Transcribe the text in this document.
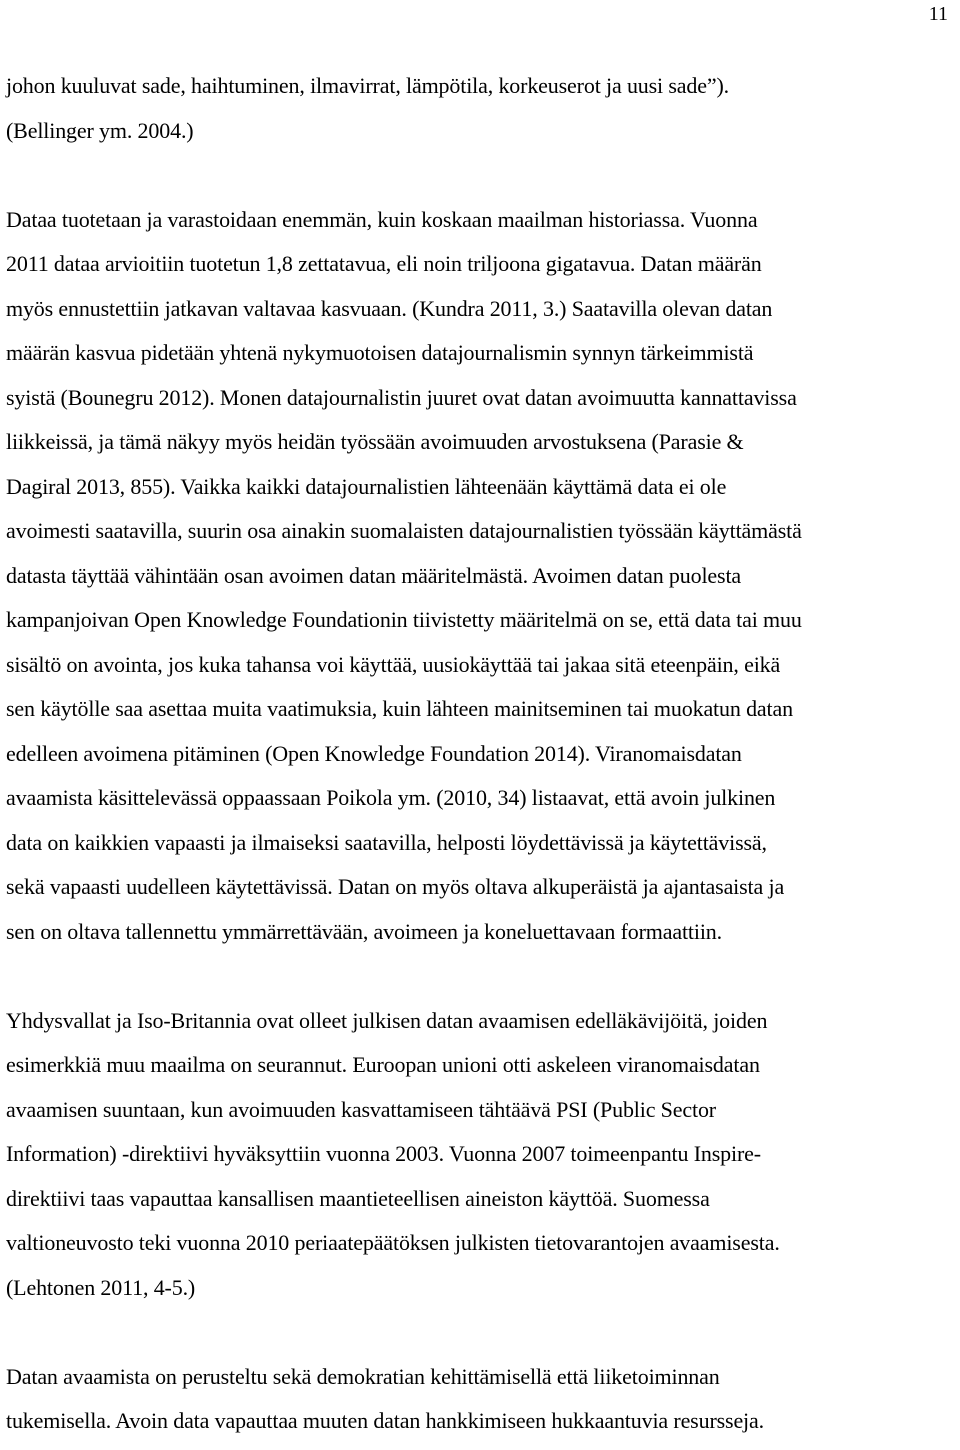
11

johon kuuluvat sade, haihtuminen, ilmavirrat, lämpötila, korkeuserot ja uusi sade”).
(Bellinger ym. 2004.)

Dataa tuotetaan ja varastoidaan enemmän, kuin koskaan maailman historiassa. Vuonna
2011 dataa arvioitiin tuotetun 1,8 zettatavua, eli noin triljoona gigatavua. Datan määrän
myös ennustettiin jatkavan valtavaa kasvuaan. (Kundra 2011, 3.) Saatavilla olevan datan
määrän kasvua pidetään yhtenä nykymuotoisen datajournalismin synnyn tärkeimmistä
syistä (Bounegru 2012). Monen datajournalistin juuret ovat datan avoimuutta kannattavissa
liikkeissä, ja tämä näkyy myös heidän työssään avoimuuden arvostuksena (Parasie &
Dagiral 2013, 855). Vaikka kaikki datajournalistien lähteenään käyttämä data ei ole
avoimesti saatavilla, suurin osa ainakin suomalaisten datajournalistien työssään käyttämästä
datasta täyttää vähintään osan avoimen datan määritelmästä. Avoimen datan puolesta
kampanjoivan Open Knowledge Foundationin tiivistetty määritelmä on se, että data tai muu
sisältö on avointa, jos kuka tahansa voi käyttää, uusiokäyttää tai jakaa sitä eteenpäin, eikä
sen käytölle saa asettaa muita vaatimuksia, kuin lähteen mainitseminen tai muokatun datan
edelleen avoimena pitäminen (Open Knowledge Foundation 2014). Viranomaisdatan
avaamista käsittelevässä oppaassaan Poikola ym. (2010, 34) listaavat, että avoin julkinen
data on kaikkien vapaasti ja ilmaiseksi saatavilla, helposti löydettävissä ja käytettävissä,
sekä vapaasti uudelleen käytettävissä. Datan on myös oltava alkuperäistä ja ajantasaista ja
sen on oltava tallennettu ymmärrettävään, avoimeen ja koneluettavaan formaattiin.

Yhdysvallat ja Iso-Britannia ovat olleet julkisen datan avaamisen edelläkävijöitä, joiden
esimerkkiä muu maailma on seurannut. Euroopan unioni otti askeleen viranomaisdatan
avaamisen suuntaan, kun avoimuuden kasvattamiseen tähtäävä PSI (Public Sector
Information) -direktiivi hyväksyttiin vuonna 2003. Vuonna 2007 toimeenpantu Inspire-
direktiivi taas vapauttaa kansallisen maantieteellisen aineiston käyttöä. Suomessa
valtioneuvosto teki vuonna 2010 periaatepäätöksen julkisten tietovarantojen avaamisesta.
(Lehtonen 2011, 4-5.)

Datan avaamista on perusteltu sekä demokratian kehittämisellä että liiketoiminnan
tukemisella. Avoin data vapauttaa muuten datan hankkimiseen hukkaantuvia resursseja.
